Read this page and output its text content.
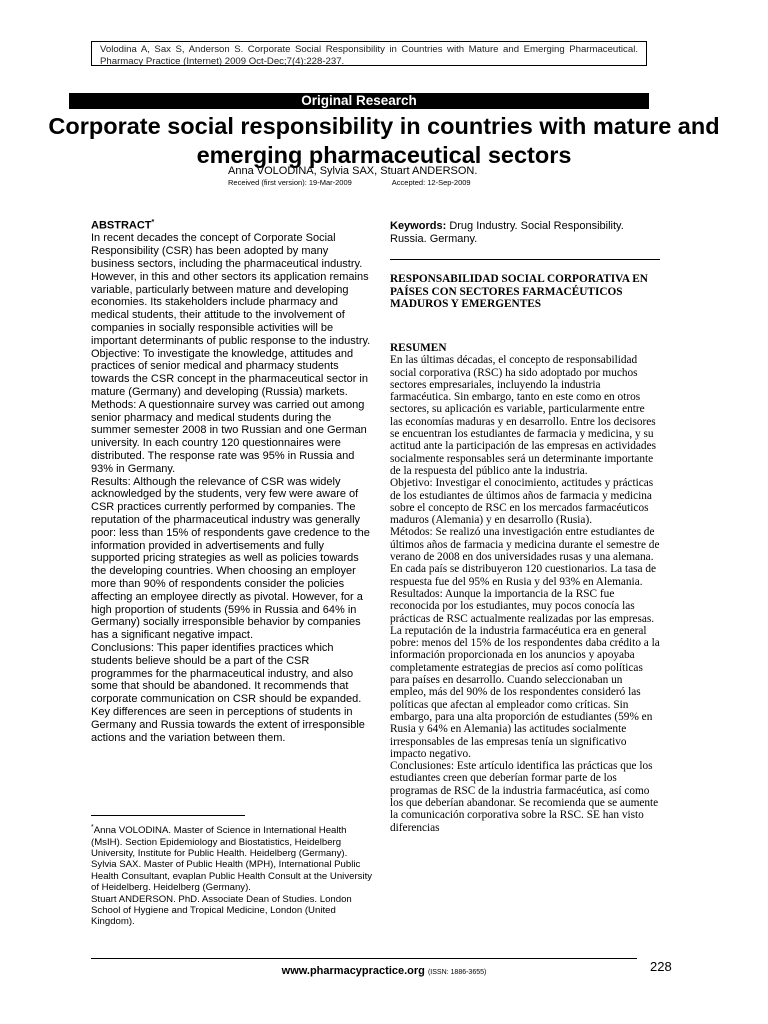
Volodina A, Sax S, Anderson S. Corporate Social Responsibility in Countries with Mature and Emerging Pharmaceutical. Pharmacy Practice (Internet) 2009 Oct-Dec;7(4):228-237.
Original Research
Corporate social responsibility in countries with mature and emerging pharmaceutical sectors
Anna VOLODINA, Sylvia SAX, Stuart ANDERSON.
Received (first version): 19-Mar-2009	Accepted: 12-Sep-2009

ABSTRACT*

In recent decades the concept of Corporate Social Responsibility (CSR) has been adopted by many business sectors, including the pharmaceutical industry. However, in this and other sectors its application remains variable, particularly between mature and developing economies. Its stakeholders include pharmacy and medical students, their attitude to the involvement of companies in socially responsible activities will be important determinants of public response to the industry.

Objective: To investigate the knowledge, attitudes and practices of senior medical and pharmacy students towards the CSR concept in the pharmaceutical sector in mature (Germany) and developing (Russia) markets.

Methods: A questionnaire survey was carried out among senior pharmacy and medical students during the summer semester 2008 in two Russian and one German university. In each country 120 questionnaires were distributed. The response rate was 95% in Russia and 93% in Germany.

Results: Although the relevance of CSR was widely acknowledged by the students, very few were aware of CSR practices currently performed by companies. The reputation of the pharmaceutical industry was generally poor: less than 15% of respondents gave credence to the information provided in advertisements and fully supported pricing strategies as well as policies towards the developing countries. When choosing an employer more than 90% of respondents consider the policies affecting an employee directly as pivotal. However, for a high proportion of students (59% in Russia and 64% in Germany) socially irresponsible behavior by companies has a significant negative impact.

Conclusions: This paper identifies practices which students believe should be a part of the CSR programmes for the pharmaceutical industry, and also some that should be abandoned. It recommends that corporate communication on CSR should be expanded. Key differences are seen in perceptions of students in Germany and Russia towards the extent of irresponsible actions and the variation between them.

*Anna VOLODINA. Master of Science in International Health (MsIH). Section Epidemiology and Biostatistics, Heidelberg University, Institute for Public Health. Heidelberg (Germany).

Sylvia SAX. Master of Public Health (MPH), International Public Health Consultant, evaplan Public Health Consult at the University of Heidelberg. Heidelberg (Germany).

Stuart ANDERSON. PhD. Associate Dean of Studies. London School of Hygiene and Tropical Medicine, London (United Kingdom).

Keywords: Drug Industry. Social Responsibility. Russia. Germany.

RESPONSABILIDAD SOCIAL CORPORATIVA EN PAÍSES CON SECTORES FARMACÉUTICOS MADUROS Y EMERGENTES

RESUMEN

En las últimas décadas, el concepto de responsabilidad social corporativa (RSC) ha sido adoptado por muchos sectores empresariales, incluyendo la industria farmacéutica. Sin embargo, tanto en este como en otros sectores, su aplicación es variable, particularmente entre las economías maduras y en desarrollo. Entre los decisores se encuentran los estudiantes de farmacia y medicina, y su actitud ante la participación de las empresas en actividades socialmente responsables será un determinante importante de la respuesta del público ante la industria.

Objetivo: Investigar el conocimiento, actitudes y prácticas de los estudiantes de últimos años de farmacia y medicina sobre el concepto de RSC en los mercados farmacéuticos maduros (Alemania) y en desarrollo (Rusia).

Métodos: Se realizó una investigación entre estudiantes de últimos años de farmacia y medicina durante el semestre de verano de 2008 en dos universidades rusas y una alemana. En cada país se distribuyeron 120 cuestionarios. La tasa de respuesta fue del 95% en Rusia y del 93% en Alemania.

Resultados: Aunque la importancia de la RSC fue reconocida por los estudiantes, muy pocos conocía las prácticas de RSC actualmente realizadas por las empresas. La reputación de la industria farmacéutica era en general pobre: menos del 15% de los respondentes daba crédito a la información proporcionada en los anuncios y apoyaba completamente estrategias de precios así como políticas para países en desarrollo. Cuando seleccionaban un empleo, más del 90% de los respondentes consideró las políticas que afectan al empleador como críticas. Sin embargo, para una alta proporción de estudiantes (59% en Rusia y 64% en Alemania) las actitudes socialmente irresponsables de las empresas tenía un significativo impacto negativo.

Conclusiones: Este artículo identifica las prácticas que los estudiantes creen que deberían formar parte de los programas de RSC de la industria farmacéutica, así como los que deberían abandonar. Se recomienda que se aumente la comunicación corporativa sobre la RSC. SE han visto diferencias

www.pharmacypractice.org (ISSN: 1886-3655)	228
